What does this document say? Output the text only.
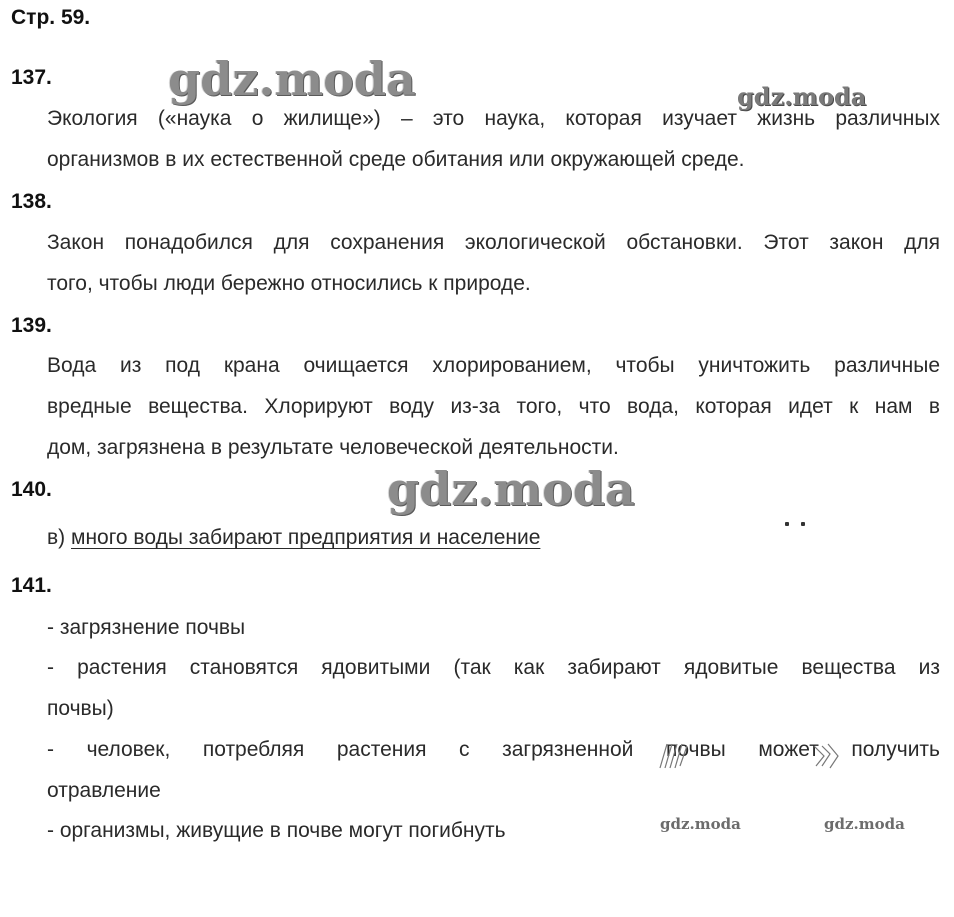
Стр. 59.
gdz.moda	gdz.moda
gdz.moda
gdz.moda	gdz.moda
137.
Экология («наука о жилище») – это наука, которая изучает жизнь различных
организмов в их естественной среде обитания или окружающей среде.
138.
Закон понадобился для сохранения экологической обстановки. Этот закон для
того, чтобы люди бережно относились к природе.
139.
Вода из под крана очищается хлорированием, чтобы уничтожить различные
вредные вещества. Хлорируют воду из-за того, что вода, которая идет к нам в
дом, загрязнена в результате человеческой деятельности.
140.
в) много воды забирают предприятия и население
141.
- загрязнение почвы
- растения становятся ядовитыми (так как забирают ядовитые вещества из
почвы)
- человек, потребляя растения с загрязненной почвы может получить
отравление
- организмы, живущие в почве могут погибнуть
